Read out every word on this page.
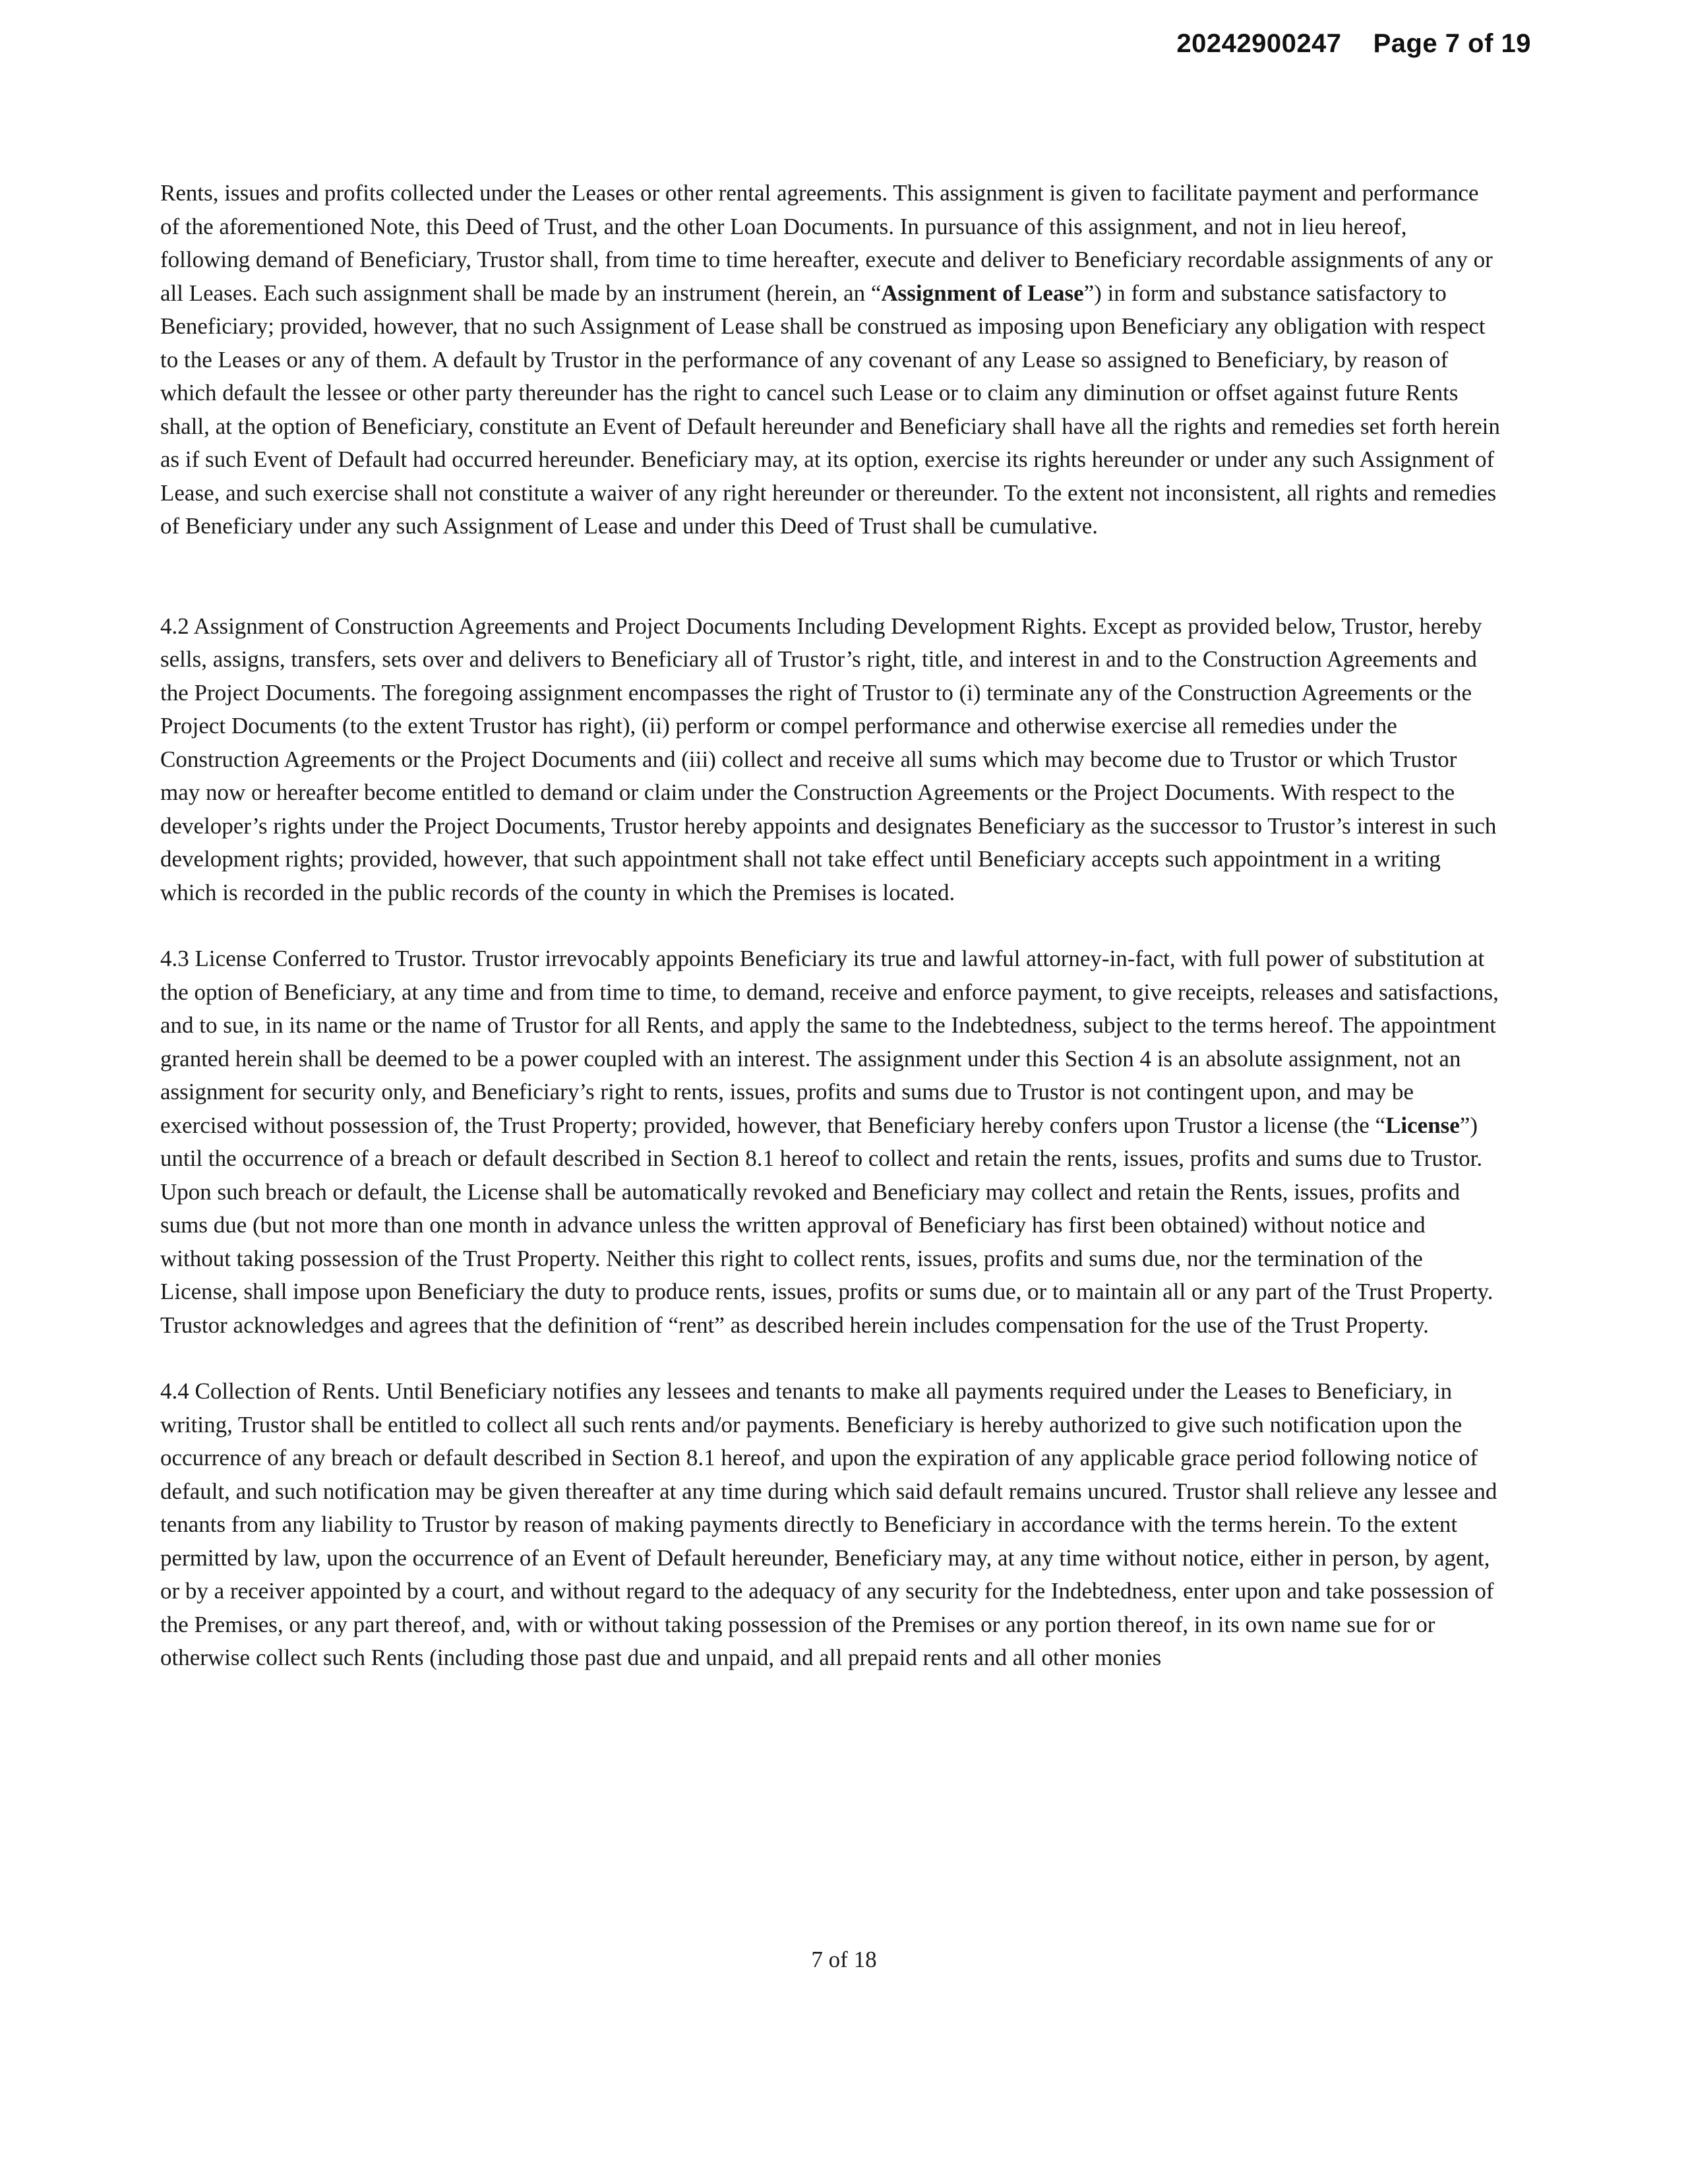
20242900247 Page 7 of 19

Rents, issues and profits collected under the Leases or other rental agreements. This assignment is given to facilitate payment and performance of the aforementioned Note, this Deed of Trust, and the other Loan Documents. In pursuance of this assignment, and not in lieu hereof, following demand of Beneficiary, Trustor shall, from time to time hereafter, execute and deliver to Beneficiary recordable assignments of any or all Leases. Each such assignment shall be made by an instrument (herein, an “Assignment of Lease”) in form and substance satisfactory to Beneficiary; provided, however, that no such Assignment of Lease shall be construed as imposing upon Beneficiary any obligation with respect to the Leases or any of them. A default by Trustor in the performance of any covenant of any Lease so assigned to Beneficiary, by reason of which default the lessee or other party thereunder has the right to cancel such Lease or to claim any diminution or offset against future Rents shall, at the option of Beneficiary, constitute an Event of Default hereunder and Beneficiary shall have all the rights and remedies set forth herein as if such Event of Default had occurred hereunder. Beneficiary may, at its option, exercise its rights hereunder or under any such Assignment of Lease, and such exercise shall not constitute a waiver of any right hereunder or thereunder. To the extent not inconsistent, all rights and remedies of Beneficiary under any such Assignment of Lease and under this Deed of Trust shall be cumulative.

4.2 Assignment of Construction Agreements and Project Documents Including Development Rights. Except as provided below, Trustor, hereby sells, assigns, transfers, sets over and delivers to Beneficiary all of Trustor’s right, title, and interest in and to the Construction Agreements and the Project Documents. The foregoing assignment encompasses the right of Trustor to (i) terminate any of the Construction Agreements or the Project Documents (to the extent Trustor has right), (ii) perform or compel performance and otherwise exercise all remedies under the Construction Agreements or the Project Documents and (iii) collect and receive all sums which may become due to Trustor or which Trustor may now or hereafter become entitled to demand or claim under the Construction Agreements or the Project Documents. With respect to the developer’s rights under the Project Documents, Trustor hereby appoints and designates Beneficiary as the successor to Trustor’s interest in such development rights; provided, however, that such appointment shall not take effect until Beneficiary accepts such appointment in a writing which is recorded in the public records of the county in which the Premises is located.

4.3 License Conferred to Trustor. Trustor irrevocably appoints Beneficiary its true and lawful attorney-in-fact, with full power of substitution at the option of Beneficiary, at any time and from time to time, to demand, receive and enforce payment, to give receipts, releases and satisfactions, and to sue, in its name or the name of Trustor for all Rents, and apply the same to the Indebtedness, subject to the terms hereof. The appointment granted herein shall be deemed to be a power coupled with an interest. The assignment under this Section 4 is an absolute assignment, not an assignment for security only, and Beneficiary’s right to rents, issues, profits and sums due to Trustor is not contingent upon, and may be exercised without possession of, the Trust Property; provided, however, that Beneficiary hereby confers upon Trustor a license (the “License”) until the occurrence of a breach or default described in Section 8.1 hereof to collect and retain the rents, issues, profits and sums due to Trustor. Upon such breach or default, the License shall be automatically revoked and Beneficiary may collect and retain the Rents, issues, profits and sums due (but not more than one month in advance unless the written approval of Beneficiary has first been obtained) without notice and without taking possession of the Trust Property. Neither this right to collect rents, issues, profits and sums due, nor the termination of the License, shall impose upon Beneficiary the duty to produce rents, issues, profits or sums due, or to maintain all or any part of the Trust Property. Trustor acknowledges and agrees that the definition of “rent” as described herein includes compensation for the use of the Trust Property.

4.4 Collection of Rents. Until Beneficiary notifies any lessees and tenants to make all payments required under the Leases to Beneficiary, in writing, Trustor shall be entitled to collect all such rents and/or payments. Beneficiary is hereby authorized to give such notification upon the occurrence of any breach or default described in Section 8.1 hereof, and upon the expiration of any applicable grace period following notice of default, and such notification may be given thereafter at any time during which said default remains uncured. Trustor shall relieve any lessee and tenants from any liability to Trustor by reason of making payments directly to Beneficiary in accordance with the terms herein. To the extent permitted by law, upon the occurrence of an Event of Default hereunder, Beneficiary may, at any time without notice, either in person, by agent, or by a receiver appointed by a court, and without regard to the adequacy of any security for the Indebtedness, enter upon and take possession of the Premises, or any part thereof, and, with or without taking possession of the Premises or any portion thereof, in its own name sue for or otherwise collect such Rents (including those past due and unpaid, and all prepaid rents and all other monies

7 of 18
